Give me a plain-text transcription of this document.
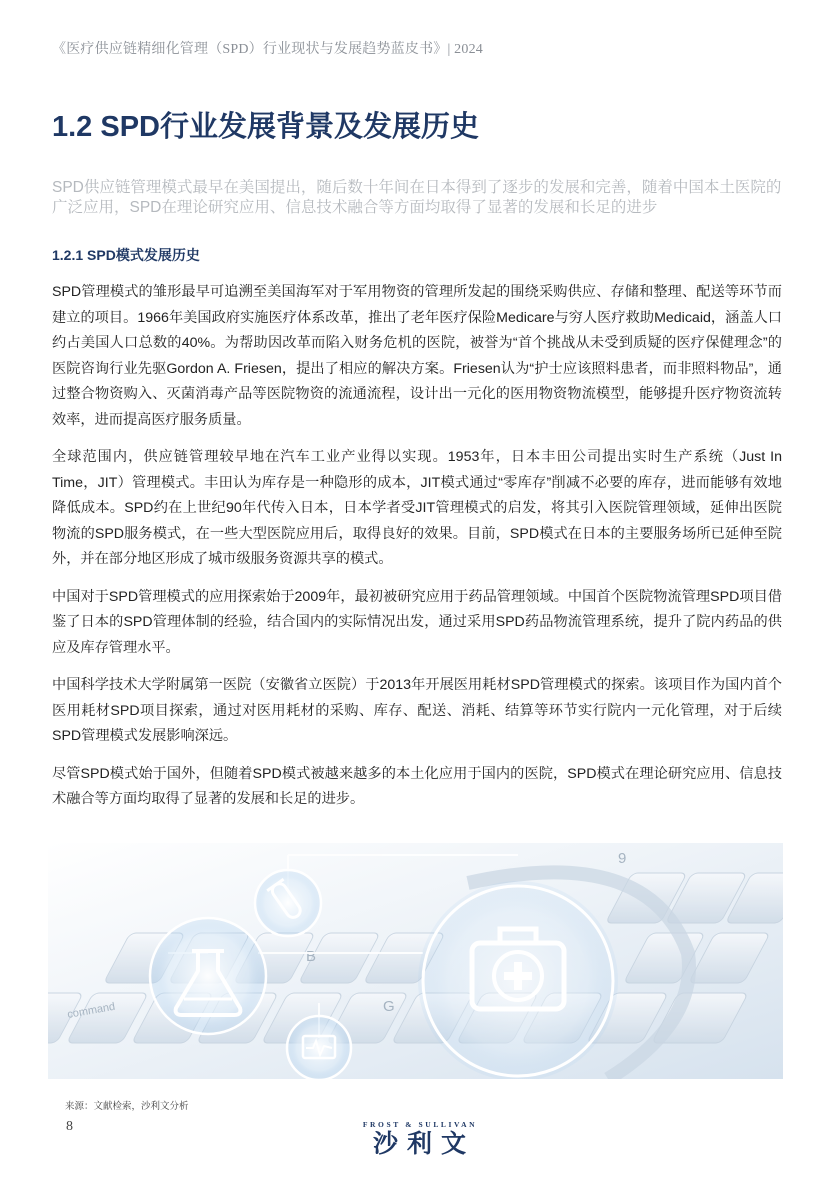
《医疗供应链精细化管理（SPD）行业现状与发展趋势蓝皮书》| 2024
1.2 SPD行业发展背景及发展历史
SPD供应链管理模式最早在美国提出，随后数十年间在日本得到了逐步的发展和完善，随着中国本土医院的广泛应用，SPD在理论研究应用、信息技术融合等方面均取得了显著的发展和长足的进步
1.2.1 SPD模式发展历史

SPD管理模式的雏形最早可追溯至美国海军对于军用物资的管理所发起的围绕采购供应、存储和整理、配送等环节而建立的项目。1966年美国政府实施医疗体系改革，推出了老年医疗保险Medicare与穷人医疗救助Medicaid，涵盖人口约占美国人口总数的40%。为帮助因改革而陷入财务危机的医院，被誉为“首个挑战从未受到质疑的医疗保健理念”的医院咨询行业先驱Gordon A. Friesen，提出了相应的解决方案。Friesen认为“护士应该照料患者，而非照料物品”，通过整合物资购入、灭菌消毒产品等医院物资的流通流程，设计出一元化的医用物资物流模型，能够提升医疗物资流转效率，进而提高医疗服务质量。

全球范围内，供应链管理较早地在汽车工业产业得以实现。1953年，日本丰田公司提出实时生产系统（Just In Time，JIT）管理模式。丰田认为库存是一种隐形的成本，JIT模式通过“零库存”削减不必要的库存，进而能够有效地降低成本。SPD约在上世纪90年代传入日本，日本学者受JIT管理模式的启发，将其引入医院管理领域，延伸出医院物流的SPD服务模式，在一些大型医院应用后，取得良好的效果。目前，SPD模式在日本的主要服务场所已延伸至院外，并在部分地区形成了城市级服务资源共享的模式。

中国对于SPD管理模式的应用探索始于2009年，最初被研究应用于药品管理领域。中国首个医院物流管理SPD项目借鉴了日本的SPD管理体制的经验，结合国内的实际情况出发，通过采用SPD药品物流管理系统，提升了院内药品的供应及库存管理水平。

中国科学技术大学附属第一医院（安徽省立医院）于2013年开展医用耗材SPD管理模式的探索。该项目作为国内首个医用耗材SPD项目探索，通过对医用耗材的采购、库存、配送、消耗、结算等环节实行院内一元化管理，对于后续SPD管理模式发展影响深远。

尽管SPD模式始于国外，但随着SPD模式被越来越多的本土化应用于国内的医院，SPD模式在理论研究应用、信息技术融合等方面均取得了显著的发展和长足的进步。

command	G
B
9
来源：文献检索，沙利文分析
8	FROST & SULLIVAN
沙利文
